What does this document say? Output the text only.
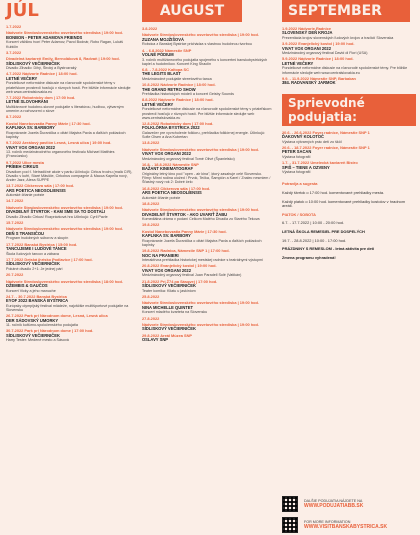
JÚL
1.7.2022
Nádvorie Stredoslovenského osvetového strediska | 19:00 hod.
BONBON - PETER ADAMOVA FRIENDS
Koncert väčšinu tvorí Peter Adamov, Pavol Bodnár, Robo Ragan, Lukáš Kubičin
3.7.2022
Divadelná kaviareň Emily, Bernoláková 8, Radvaň | 19:00 hod.
SÍDLISKOVÝ VEČIERNIČEK
Divadlo Zihadlo: Dihý, Široký a Bystrozraký
4.7.2022 Nádvorie Radnice | 18:00 hod.
LETNÉ VEČERY
Pondelkové neformálne diskusie na rôznorodé spoločenské témy v priateľskom prostredí hosťujú v rôznych hostí. Pre bližšie informácie sledujte web www.centralslovakia.eu
7.7.2022 Robotnícky dom | 17:00 hod.
LETNÉ SLOVOHRANI
Multižánrové hudobno-slovné podujatie s literatúrou, hudbou, výtvarným umením a rozhovormi o slove
8.7.2022
Kostol Nanebovzatia Panny Márie | 17:30 hod.
KAPLNKA SV. BARBORY
Rozprávanie Jozefa Ďuranička o oltári Majstra Pavla a ďalších pokladoch kaplnky
9.7.2022 Areálový pavilón Lesná, Lesná ulica | 19:00 hod.
VIVAT VOX ORGANI 2022
13. ročník medzinárodného organového festivalu Michael Matthies (Francúzsko)
9.7.2022 Ulice mesta
PRÍBEH CIRKUS
Divadlom pod ť. Netradičné akcie v parku Učinkujú: Cirkus trochu (malá CIR), Divadlo v kufri, Staré Mäsičie, Cirkobus compagnie & Macca Kapella nový, Ander Jazz, Alexa SUPPE
13.7.2022 Cikkerova sála | 17:00 hod.
ARS POETICA NEOSOLIENSIS
Autorské čítanie poézie
14.7.2022
Nádvorie Stredoslovenského osvetového strediska | 19:00 hod.
DIVADELNÝ ŠTVRTOK - KAM SME SA TO DOSTALI
Divadlo Zihadlo Cirkus! Rozprávková hra Učinkujú: Cyril Pavle
15.7.2022
Nádvorie Stredoslovenského osvetového strediska | 19:00 hod.
DEŇ S TRANSIČOU
Program hudobných súborov a skupín
17.7.2022 Banská Bystrica | 15:00 hod.
TANCUJEME I LUDOVÉ TANCE
Škola ľudových tancov a zábava
17.7.2022 Detská ihrisko Podlavice | 17:00 hod.
SÍDLISKOVÝ VEČIERNIČEK
Polutné divadlo 2+1: Je jednej pári
20.7.2022
Nádvorie Stredoslovenského osvetového strediska | 18:00 hod.
DŽEMBIS & GAUČOS
Koncert Vicky a jeho manuche
24.7. - 30.7.2022 Banská Bystrica
EYOF 2022 BANSKÁ BYSTRICA
Európsky olympijský festival mládeže, najväčšie multišportové podujatie na Slovensku
26.7.2022 Park pri Národnom dome, Lesná, Lesná ulica
DER SÁDOVSKÝ UMORKY
11. ročník kultúrno-spoločenského podujatia
30.7.2022 Park pri Národnom dome | 17:00 hod.
SÍDLISKOVÝ VEČIERNIČEK
Harry Tester: Medené mesto a Sásová
AUGUST
3.8.2022
Nádvorie Stredoslovenského osvetového strediska | 19:00 hod.
ZUZANA MOJŽIŠOVÁ
Robcica z Banskej Bystrice prichádza s vlastnou hudobnou tvorbou
4. - 6.8.2022 Námestie SNP
VOLNÉ PÓDIUM
3. ročník multižánrového podujatia spojeného s koncertmi banskobystrických kapiel a hudobníkov. Koncert King Shaolin
6.8. - 7.8.2022 Kaltopa SC
THE LEGITS BLAST
Medzinárodné podujatie streetového tanca
10.8.2022 Nádvorie Radnice | 18:00 hod.
THE GRAND RETRO SHOW
Prehliadka historických módelí a koncert Geisby Sounds
8.8.2022 Nádvorie Radnice | 18:00 hod.
LETNÉ VEČERY
Pondelkové neformálne diskusie na rôznorodé spoločenské témy v priateľskom prostredí hosťujú v rôznych hostí. Pre bližšie informácie sledujte web www.centralslovakia.eu
12.8.2022 Robotnícky dom | 17:00 hod.
FOLKLÓRNA BYSTRICA 2022
Galavečer pre vyvrcholenie folkloru, prehliadka folklórnej energie. Účinkujú: Sofie Olsen a Ana Kubertan
13.8.2022
Nádvorie Stredoslovenského osvetového strediska | 19:00 hod.
VIVAT VOX ORGANI 2022
Medzinárodný organový festival Tomé Olivé (Španielsko)
16.8. - 18.8.2022 Námestie SNP
BAŽANT KINEMATOGRAF
Originálny letný kino pod "open - air kina", ktorý zasahuje celé Slovensko. Filmy: Minni rodina uložed / Prvok, Tečka, Šampión a Karel / Znalec nesmiem / Šťastný nový rok 2: Dobré čelo
16.8.2022 Cikkerova sála | 17:00 hod.
ARS POETICA NEOSOLIENSIS
Autorské čítanie poézie
18.8.2022
Nádvorie Stredoslovenského osvetového strediska | 19:00 hod.
DIVADELNÝ ŠTVRTOK - AKO UVARIŤ ŽABU
Komediálna dráma v podaní Celkom Malého Divadla zo Starého Tekova
19.8.2022
Kostol Nanebovzatia Panny Márie | 17:30 hod.
KAPLNKA SV. BARBORY
Rozprávanie Jozefa Ďuranička o oltári Majstra Pavla a ďalších pokladoch kaplnky
19.8.2022 Radnica, Námestie SNP 1 | 17:00 hod.
NOC NA PRANIERI
Interaktívna prehliadka historickej mestskej radnice s teatrálnymi výstupmi
20.8.2022 Evanjelický kostol | 19:00 hod.
VIVAT VOX ORGANI 2022
Medzinárodný organový festival Juan Paradell Solé (Vatikán)
21.8.2022 Pri Ž74 na Sásovej | 17:00 hod.
SÍDLISKOVÝ VEČIERNIČEK
Teater komika: Kliatu u jaskiniom
25.8.2022
Nádvorie Stredoslovenského osvetového strediska | 19:00 hod.
NINA MICHELLE QUINTET
Koncert mladého kvarteta na Slovensku
27.8.2022
Nádvorie Stredoslovenského osvetového strediska | 19:00 hod.
SÍDLISKOVÝ VEČIERNIČEK
29.8.2022 Areál Múzea SNP
OSLAVY SNP
SEPTEMBER
1.9.2022 Nádvorie Radnice
SLOVENSKÝ DEŇ KROJA
Prezentácia krojov slovenských ľudových krojov a tradícií Slovenska
3.9.2022 Evanjelický kostol | 19:00 hod.
VIVAT VOX ORGANI 2022
Medzinárodný organový festival David di Fiori (USA)
5.9.2022 Nádvorie Radnice | 18:00 hod.
LETNÉ VEČERY
Pondelkové neformálne diskusie na rôznorodé spoločenské témy. Pre bližšie informácie sledujte web www.centralslovakia.eu
9.9. - 11.9.2022 Námestie SNP, Barbakan
384. RADVANSKÝ JARMOK
Sprievodné podujatia:
20.6. - 26.6.2022 Foyer radnice, Námestie SNP 1
ĎAKOVNÝ KOLOTOČ
Výstava výtvarných prác detí zo škôl
20.6. - 18.7.2022 Foyer radnice, Námestie SNP 1
PETER SACAN
Výstava fotografií
1.7. - 31.7.2022 Umelecká kaviareň Bistro
SPIŠ – TIENE A OZVENY
Výstava fotografií

Potravlja a sugesta

Každý štvrtok o 17:00 hod. komentované prehliadky mesta.

Každý piatok o 10:00 hod. komentované prehliadky kostolov v hradnom areáli.

PIATOK / SOBOTA

6.7. - 17.7.2022 | 10:00 - 20:00 hod.

LETNÁ ŠKOLA REMESIEL PRE DOSPELÝCH

19.7. - 28.8.2022 | 10:00 - 17:00 hod.

PRÁZDNINY S REMESLOM - letná aktivita pre deti

Zmena programu vyhradená!

DALŠIE PODUJATIA NÁJDETE NA
WWW.PODUJATIABB.SK
FOR MORE INFORMATION
WWW.VISITBANSKABYSTRICA.SK
